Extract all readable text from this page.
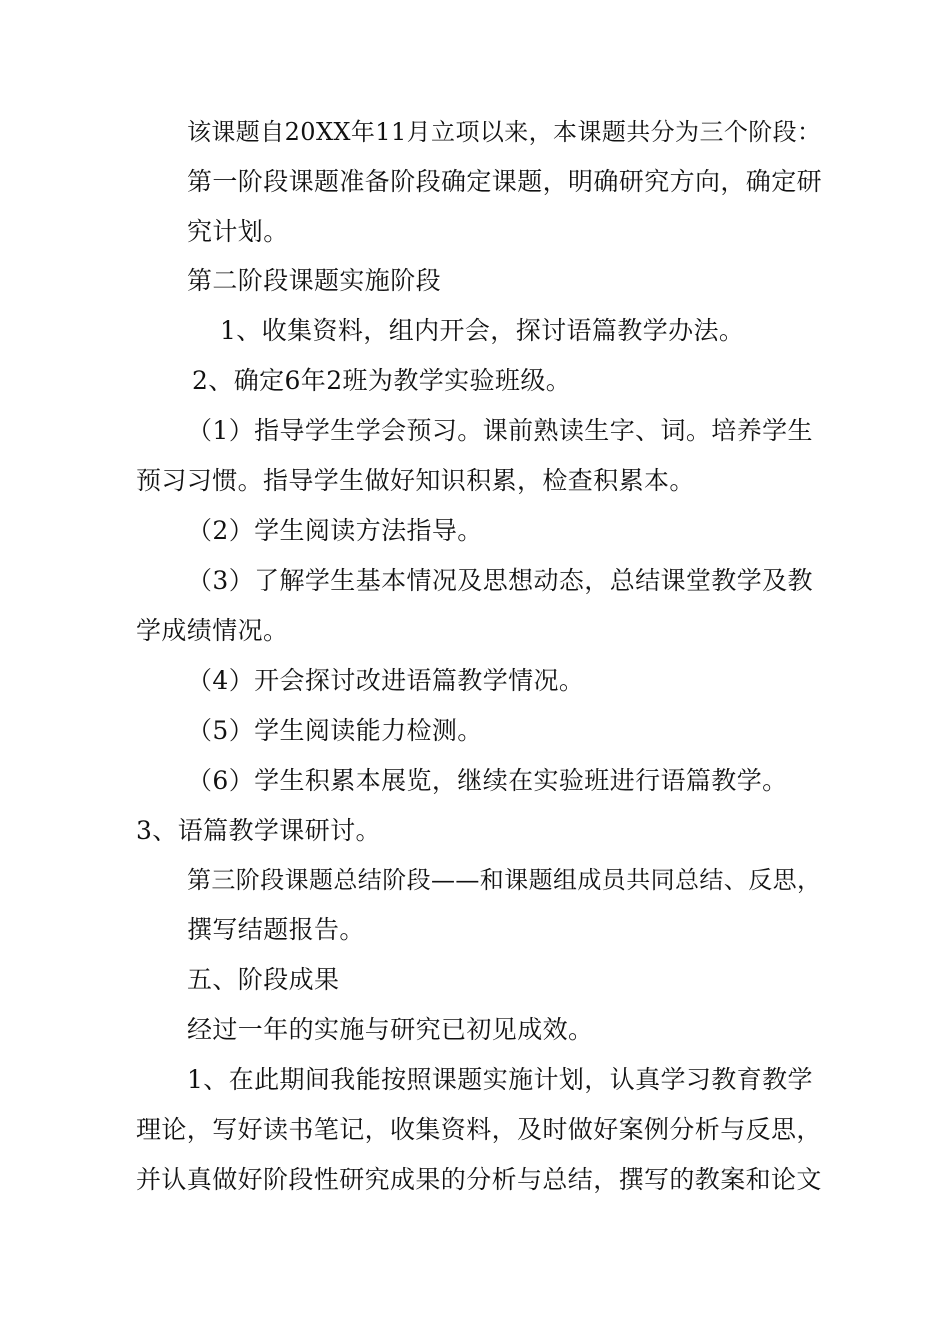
该课题自20XX年11月立项以来，本课题共分为三个阶段：

第一阶段课题准备阶段确定课题，明确研究方向，确定研

究计划。

第二阶段课题实施阶段

1、收集资料，组内开会，探讨语篇教学办法。

2、确定6年2班为教学实验班级。

（1）指导学生学会预习。课前熟读生字、词。培养学生

预习习惯。指导学生做好知识积累，检查积累本。

（2）学生阅读方法指导。

（3）了解学生基本情况及思想动态，总结课堂教学及教

学成绩情况。

（4）开会探讨改进语篇教学情况。

（5）学生阅读能力检测。

（6）学生积累本展览，继续在实验班进行语篇教学。

3、语篇教学课研讨。

第三阶段课题总结阶段——和课题组成员共同总结、反思，

撰写结题报告。

五、阶段成果

经过一年的实施与研究已初见成效。

1、在此期间我能按照课题实施计划，认真学习教育教学

理论，写好读书笔记，收集资料，及时做好案例分析与反思，

并认真做好阶段性研究成果的分析与总结，撰写的教案和论文
